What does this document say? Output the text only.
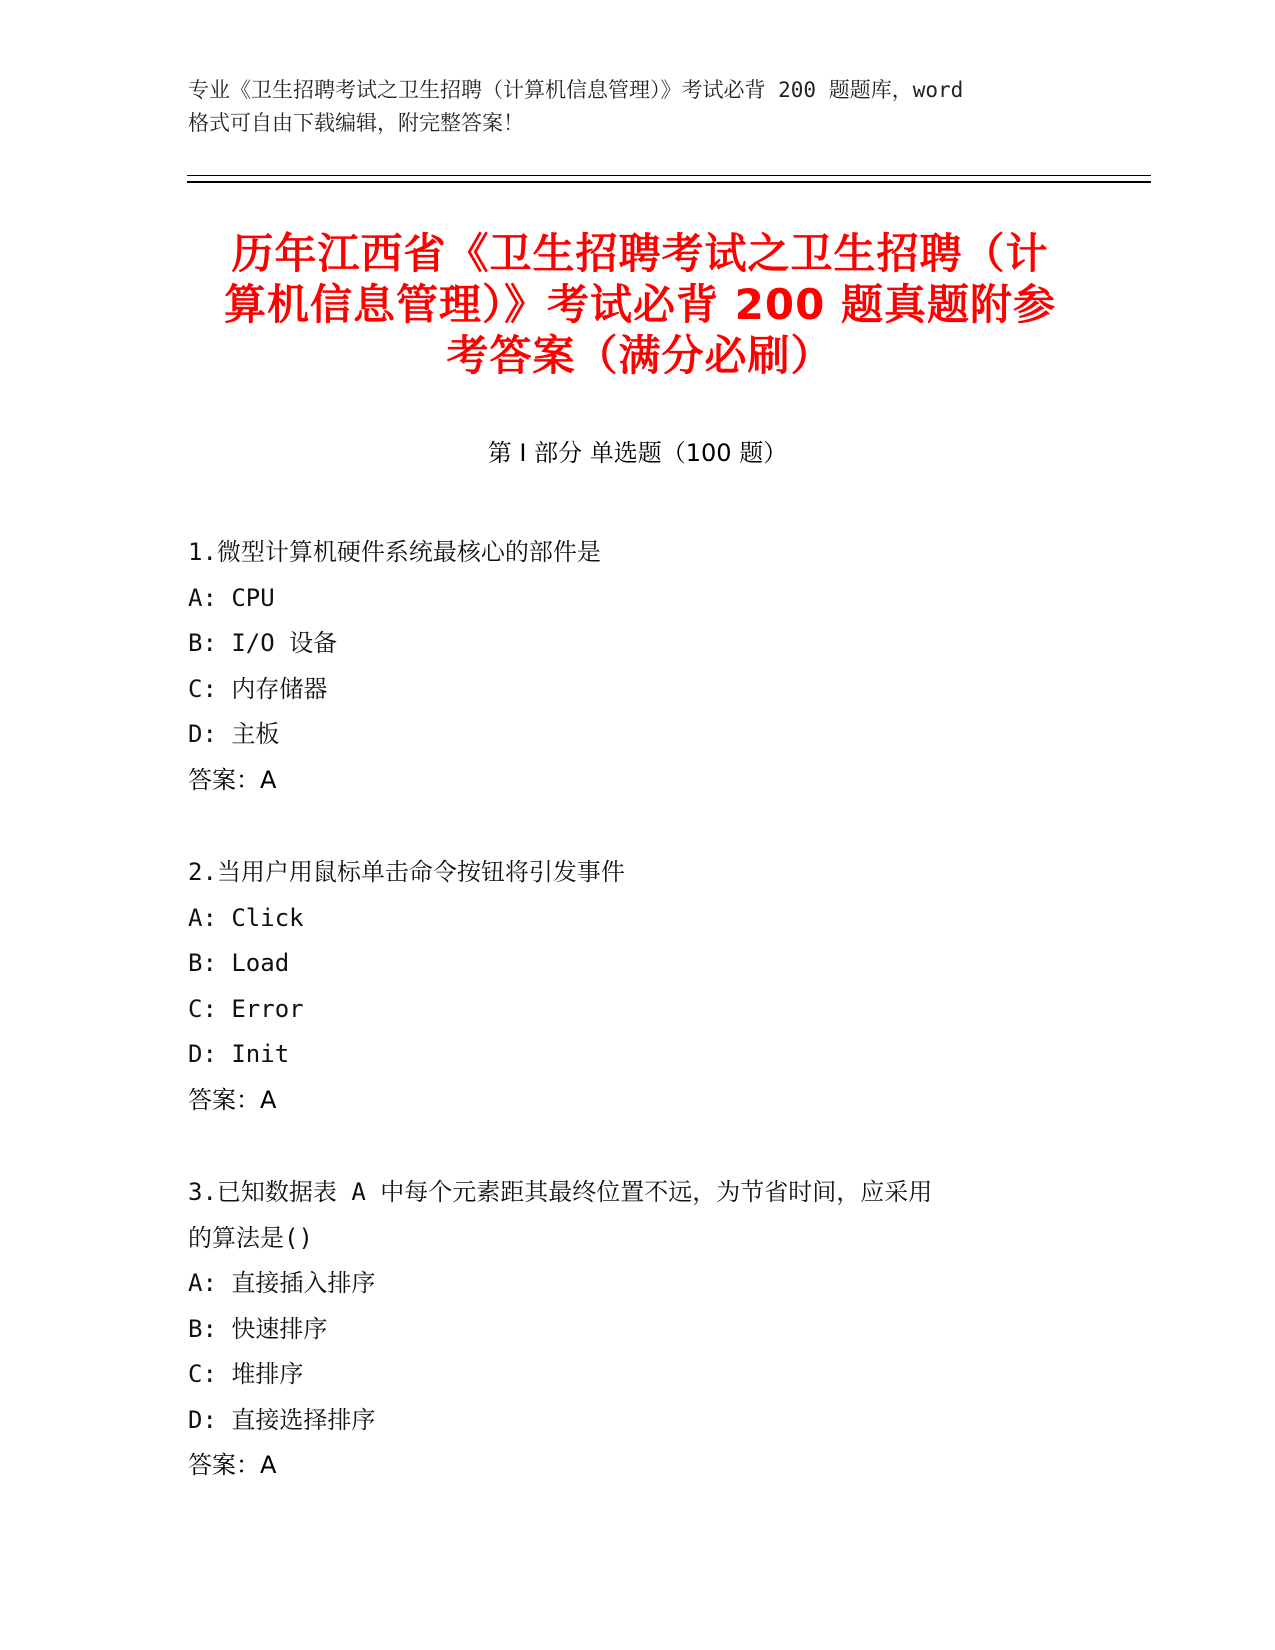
专业《卫生招聘考试之卫生招聘（计算机信息管理）》考试必背 200 题题库，word
格式可自由下载编辑，附完整答案！
历年江西省《卫生招聘考试之卫生招聘（计
算机信息管理）》考试必背 200 题真题附参
考答案（满分必刷）
第 I 部分 单选题（100 题）
1.微型计算机硬件系统最核心的部件是
A: CPU
B: I/O 设备
C: 内存储器
D: 主板
答案：A
2.当用户用鼠标单击命令按钮将引发事件
A: Click
B: Load
C: Error
D: Init
答案：A
3.已知数据表 A 中每个元素距其最终位置不远，为节省时间，应采用
的算法是()
A: 直接插入排序
B: 快速排序
C: 堆排序
D: 直接选择排序
答案：A
